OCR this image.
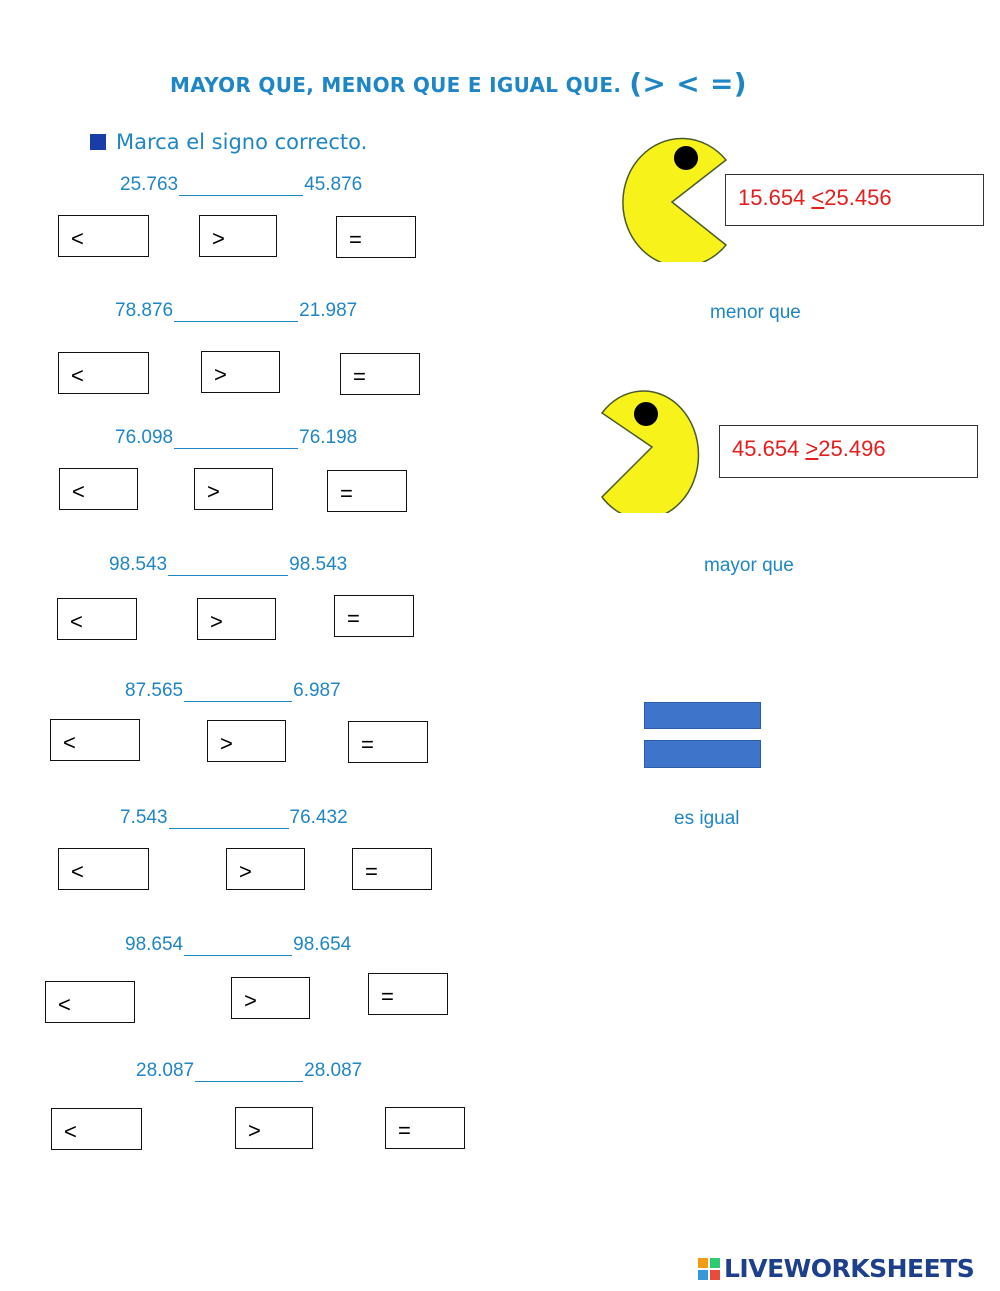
MAYOR QUE, MENOR QUE E IGUAL QUE. (> < =)
Marca el signo correcto.
25.763	45.876
<	>	=
78.876	21.987
<	>	=
76.098	76.198
<	>	=
98.543	98.543
<	>	=
87.565	6.987
<	>	=
7.543	76.432
<	>	=
98.654	98.654
<	>	=
28.087	28.087
<	>	=
15.654 <25.456
menor que
45.654 >25.496
mayor que
es igual
LIVEWORKSHEETS
